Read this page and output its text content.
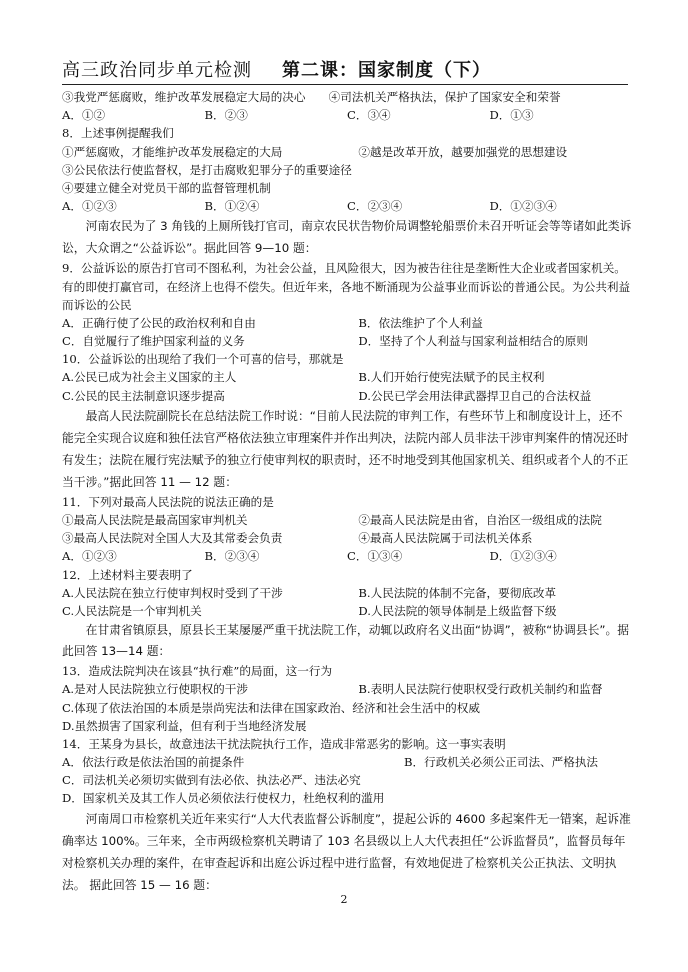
高三政治同步单元检测 第二课：国家制度（下）
③我党严惩腐败，维护改革发展稳定大局的决心　　④司法机关严格执法，保护了国家安全和荣誉
A．①②	B．②③	C．③④	D．①③
8．上述事例提醒我们
①严惩腐败，才能维护改革发展稳定的大局	②越是改革开放，越要加强党的思想建设
③公民依法行使监督权，是打击腐败犯罪分子的重要途径
④要建立健全对党员干部的监督管理机制
A．①②③	B．①②④	C．②③④	D．①②③④
河南农民为了 3 角钱的上厕所钱打官司，南京农民状告物价局调整轮船票价未召开听证会等等诸如此类诉讼，大众谓之“公益诉讼”。据此回答 9—10 题：
9．公益诉讼的原告打官司不图私利，为社会公益，且风险很大，因为被告往往是垄断性大企业或者国家机关。有的即使打赢官司，在经济上也得不偿失。但近年来，各地不断涌现为公益事业而诉讼的普通公民。为公共利益而诉讼的公民
A．正确行使了公民的政治权利和自由	B．依法维护了个人利益
C．自觉履行了维护国家利益的义务	D．坚持了个人利益与国家利益相结合的原则
10．公益诉讼的出现给了我们一个可喜的信号，那就是
A.公民已成为社会主义国家的主人	B.人们开始行使宪法赋予的民主权利
C.公民的民主法制意识逐步提高	D.公民已学会用法律武器捍卫自己的合法权益
最高人民法院副院长在总结法院工作时说：“目前人民法院的审判工作，有些环节上和制度设计上，还不能完全实现合议庭和独任法官严格依法独立审理案件并作出判决，法院内部人员非法干涉审判案件的情况还时有发生；法院在履行宪法赋予的独立行使审判权的职责时，还不时地受到其他国家机关、组织或者个人的不正当干涉。”据此回答 11 — 12 题：
11．下列对最高人民法院的说法正确的是
①最高人民法院是最高国家审判机关	②最高人民法院是由省，自治区一级组成的法院
③最高人民法院对全国人大及其常委会负责	④最高人民法院属于司法机关体系
A．①②③	B．②③④	C．①③④	D．①②③④
12．上述材料主要表明了
A.人民法院在独立行使审判权时受到了干涉	B.人民法院的体制不完备，要彻底改革
C.人民法院是一个审判机关	D.人民法院的领导体制是上级监督下级
在甘肃省镇原县，原县长王某屡屡严重干扰法院工作，动辄以政府名义出面“协调”，被称“协调县长”。据此回答 13—14 题：
13．造成法院判决在该县“执行难”的局面，这一行为
A.是对人民法院独立行使职权的干涉	B.表明人民法院行使职权受行政机关制约和监督
C.体现了依法治国的本质是崇尚宪法和法律在国家政治、经济和社会生活中的权威
D.虽然损害了国家利益，但有利于当地经济发展
14．王某身为县长，故意违法干扰法院执行工作，造成非常恶劣的影响。这一事实表明
A．依法行政是依法治国的前提条件	B．行政机关必须公正司法、严格执法
C．司法机关必须切实做到有法必依、执法必严、违法必究
D．国家机关及其工作人员必须依法行使权力，杜绝权利的滥用
河南周口市检察机关近年来实行“人大代表监督公诉制度”，提起公诉的 4600 多起案件无一错案，起诉准确率达 100%。三年来，全市两级检察机关聘请了 103 名县级以上人大代表担任“公诉监督员”，监督员每年对检察机关办理的案件，在审查起诉和出庭公诉过程中进行监督，有效地促进了检察机关公正执法、文明执法。 据此回答 15 — 16 题：
2
